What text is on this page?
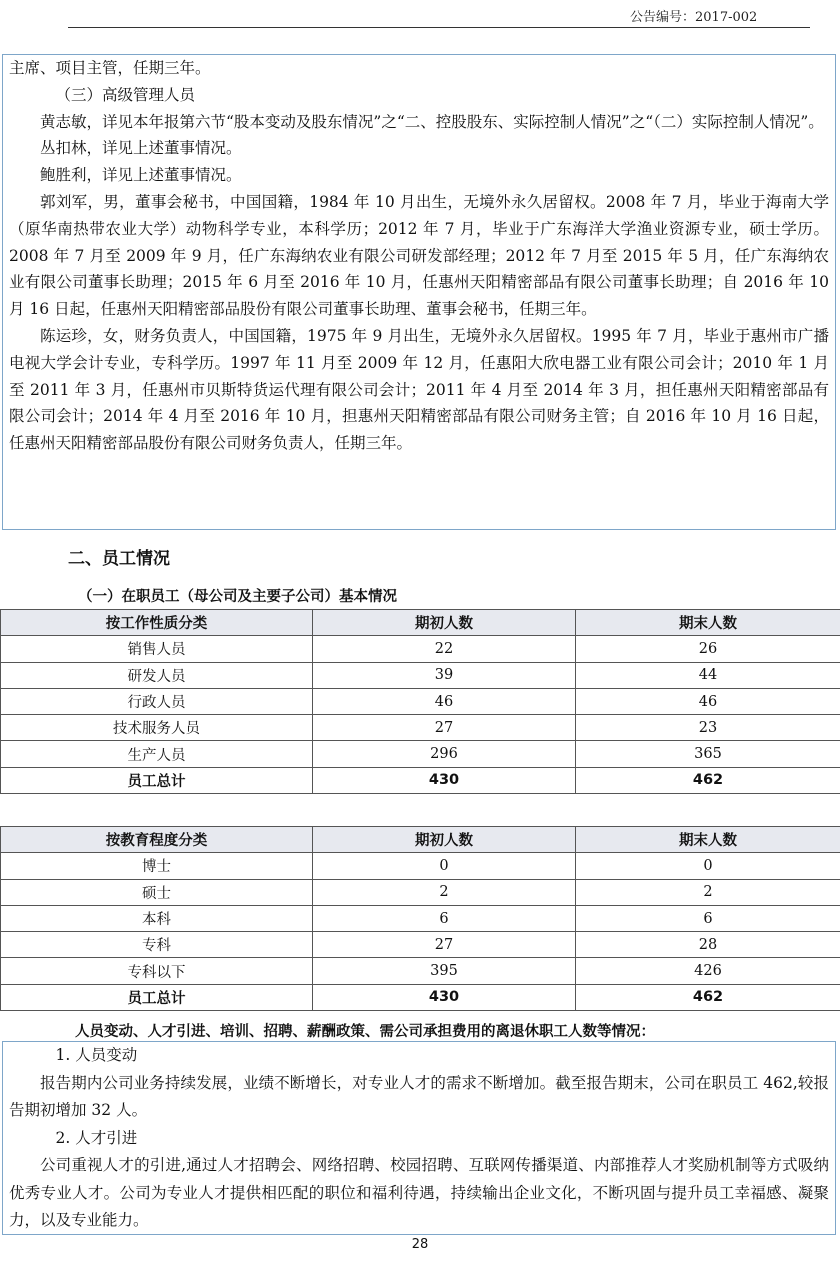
公告编号：2017-002

主席、项目主管，任期三年。

（三）高级管理人员

黄志敏，详见本年报第六节“股本变动及股东情况”之“二、控股股东、实际控制人情况”之“（二）实际控制人情况”。

丛扣林，详见上述董事情况。

鲍胜利，详见上述董事情况。

郭刘军，男，董事会秘书，中国国籍，1984 年 10 月出生，无境外永久居留权。2008 年 7 月，毕业于海南大学（原华南热带农业大学）动物科学专业，本科学历；2012 年 7 月，毕业于广东海洋大学渔业资源专业，硕士学历。2008 年 7 月至 2009 年 9 月，任广东海纳农业有限公司研发部经理；2012 年 7 月至 2015 年 5 月，任广东海纳农业有限公司董事长助理；2015 年 6 月至 2016 年 10 月，任惠州天阳精密部品有限公司董事长助理；自 2016 年 10 月 16 日起，任惠州天阳精密部品股份有限公司董事长助理、董事会秘书，任期三年。

陈运珍，女，财务负责人，中国国籍，1975 年 9 月出生，无境外永久居留权。1995 年 7 月，毕业于惠州市广播电视大学会计专业，专科学历。1997 年 11 月至 2009 年 12 月，任惠阳大欣电器工业有限公司会计；2010 年 1 月至 2011 年 3 月，任惠州市贝斯特货运代理有限公司会计；2011 年 4 月至 2014 年 3 月，担任惠州天阳精密部品有限公司会计；2014 年 4 月至 2016 年 10 月，担惠州天阳精密部品有限公司财务主管；自 2016 年 10 月 16 日起，任惠州天阳精密部品股份有限公司财务负责人，任期三年。

二、员工情况
（一）在职员工（母公司及主要子公司）基本情况
按工作性质分类	期初人数	期末人数
销售人员	22	26
研发人员	39	44
行政人员	46	46
技术服务人员	27	23
生产人员	296	365
员工总计	430	462
按教育程度分类	期初人数	期末人数
博士	0	0
硕士	2	2
本科	6	6
专科	27	28
专科以下	395	426
员工总计	430	462
人员变动、人才引进、培训、招聘、薪酬政策、需公司承担费用的离退休职工人数等情况：

1. 人员变动

报告期内公司业务持续发展，业绩不断增长，对专业人才的需求不断增加。截至报告期末，公司在职员工 462,较报告期初增加 32 人。

2. 人才引进

公司重视人才的引进,通过人才招聘会、网络招聘、校园招聘、互联网传播渠道、内部推荐人才奖励机制等方式吸纳优秀专业人才。公司为专业人才提供相匹配的职位和福利待遇，持续输出企业文化，不断巩固与提升员工幸福感、凝聚力，以及专业能力。

28
